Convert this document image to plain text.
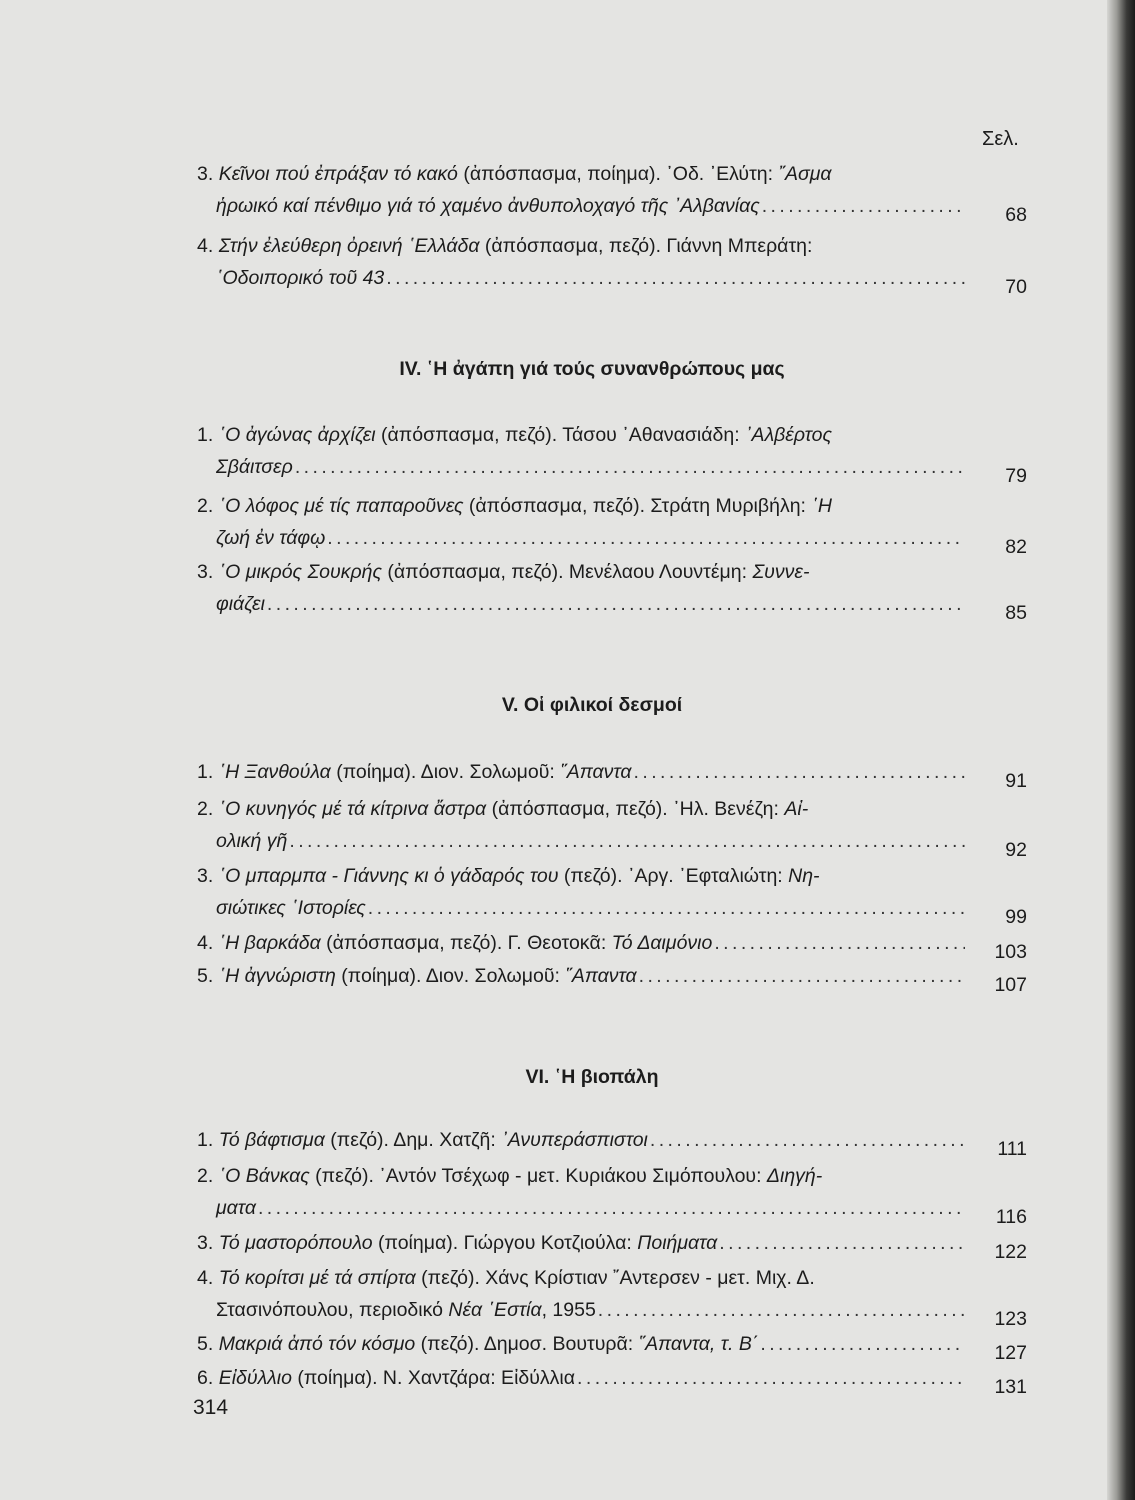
Σελ.
3. Κεῖνοι πού ἐπράξαν τό κακό (ἀπόσπασμα, ποίημα). ᾽Οδ. ᾽Ελύτη: ῎Ασμα
ἡρωικό καί πένθιμο γιά τό χαμένο ἀνθυπολοχαγό τῆς ᾽Αλβανίας . . .	68
4. Στήν ἐλεύθερη ὀρεινή ῾Ελλάδα (ἀπόσπασμα, πεζό). Γιάννη Μπεράτη:
῾Οδοιπορικό τοῦ 43 . . .	70
IV. ῾Η ἀγάπη γιά τούς συνανθρώπους μας
1. ῾Ο ἀγώνας ἀρχίζει (ἀπόσπασμα, πεζό). Τάσου ᾽Αθανασιάδη: ᾽Αλβέρτος
Σβάιτσερ . . .	79
2. ῾Ο λόφος μέ τίς παπαροῦνες (ἀπόσπασμα, πεζό). Στράτη Μυριβήλη: ῾Η
ζωή ἐν τάφῳ . . .	82
3. ῾Ο μικρός Σουκρής (ἀπόσπασμα, πεζό). Μενέλαου Λουντέμη: Συννε-
φιάζει . . .	85
V. Οἱ φιλικοί δεσμοί
1. ῾Η Ξανθούλα (ποίημα). Διον. Σολωμοῦ: ῞Απαντα . . .	91
2. ῾Ο κυνηγός μέ τά κίτρινα ἄστρα (ἀπόσπασμα, πεζό). ᾽Ηλ. Βενέζη: Αἰ-
ολική γῆ . . .	92
3. ῾Ο μπαρμπα - Γιάννης κι ὁ γάδαρός του (πεζό). ᾽Αργ. ᾽Εφταλιώτη: Νη-
σιώτικες ῾Ιστορίες . . .	99
4. ῾Η βαρκάδα (ἀπόσπασμα, πεζό). Γ. Θεοτοκᾶ: Τό Δαιμόνιο . . .	103
5. ῾Η ἀγνώριστη (ποίημα). Διον. Σολωμοῦ: ῞Απαντα . . .	107
VI. ῾Η βιοπάλη
1. Τό βάφτισμα (πεζό). Δημ. Χατζῆ: ᾽Ανυπεράσπιστοι . . .	111
2. ῾Ο Βάνκας (πεζό). ᾽Αντόν Τσέχωφ - μετ. Κυριάκου Σιμόπουλου: Διηγή-
ματα . . .	116
3. Τό μαστορόπουλο (ποίημα). Γιώργου Κοτζιούλα: Ποιήματα . . .	122
4. Τό κορίτσι μέ τά σπίρτα (πεζό). Χάνς Κρίστιαν ῎Αντερσεν - μετ. Μιχ. Δ.
Στασινόπουλου, περιοδικό Νέα ῾Εστία, 1955 . . .	123
5. Μακριά ἀπό τόν κόσμο (πεζό). Δημοσ. Βουτυρᾶ: ῞Απαντα, τ. Β΄ . . .	127
6. Εἰδύλλιο (ποίημα). Ν. Χαντζάρα: Εἰδύλλια . . .	131
314
